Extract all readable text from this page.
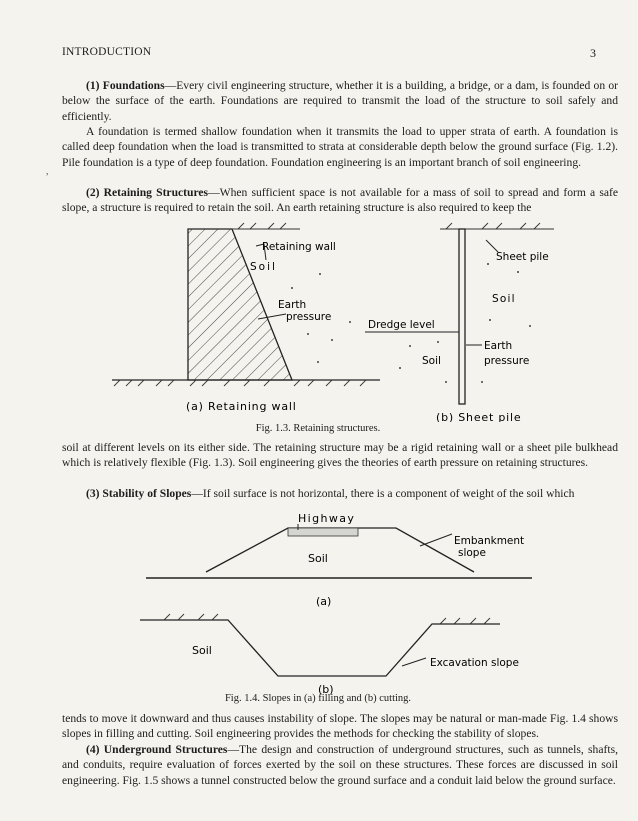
INTRODUCTION	3
(1) Foundations—Every civil engineering structure, whether it is a building, a bridge, or a dam, is founded on or below the surface of the earth. Foundations are required to transmit the load of the structure to soil safely and efficiently.
A foundation is termed shallow foundation when it transmits the load to upper strata of earth. A foundation is called deep foundation when the load is transmitted to strata at considerable depth below the ground surface (Fig. 1.2). Pile foundation is a type of deep foundation. Foundation engineering is an important branch of soil engineering.
(2) Retaining Structures—When sufficient space is not available for a mass of soil to spread and form a safe slope, a structure is required to retain the soil. An earth retaining structure is also required to keep the
,
Retaining wall
Soil
Earth
pressure
(a) Retaining wall
Sheet pile
Soil
Dredge level
Soil
Earth
pressure
(b) Sheet pile
Fig. 1.3. Retaining structures.
soil at different levels on its either side. The retaining structure may be a rigid retaining wall or a sheet pile bulkhead which is relatively flexible (Fig. 1.3). Soil engineering gives the theories of earth pressure on retaining structures.
(3) Stability of Slopes—If soil surface is not horizontal, there is a component of weight of the soil which
Highway
Embankment
slope
Soil
(a)
Soil
Excavation slope
(b)
Fig. 1.4. Slopes in (a) filling and (b) cutting.
tends to move it downward and thus causes instability of slope. The slopes may be natural or man-made Fig. 1.4 shows slopes in filling and cutting. Soil engineering provides the methods for checking the stability of slopes.
(4) Underground Structures—The design and construction of underground structures, such as tunnels, shafts, and conduits, require evaluation of forces exerted by the soil on these structures. These forces are discussed in soil engineering. Fig. 1.5 shows a tunnel constructed below the ground surface and a conduit laid below the ground surface.
